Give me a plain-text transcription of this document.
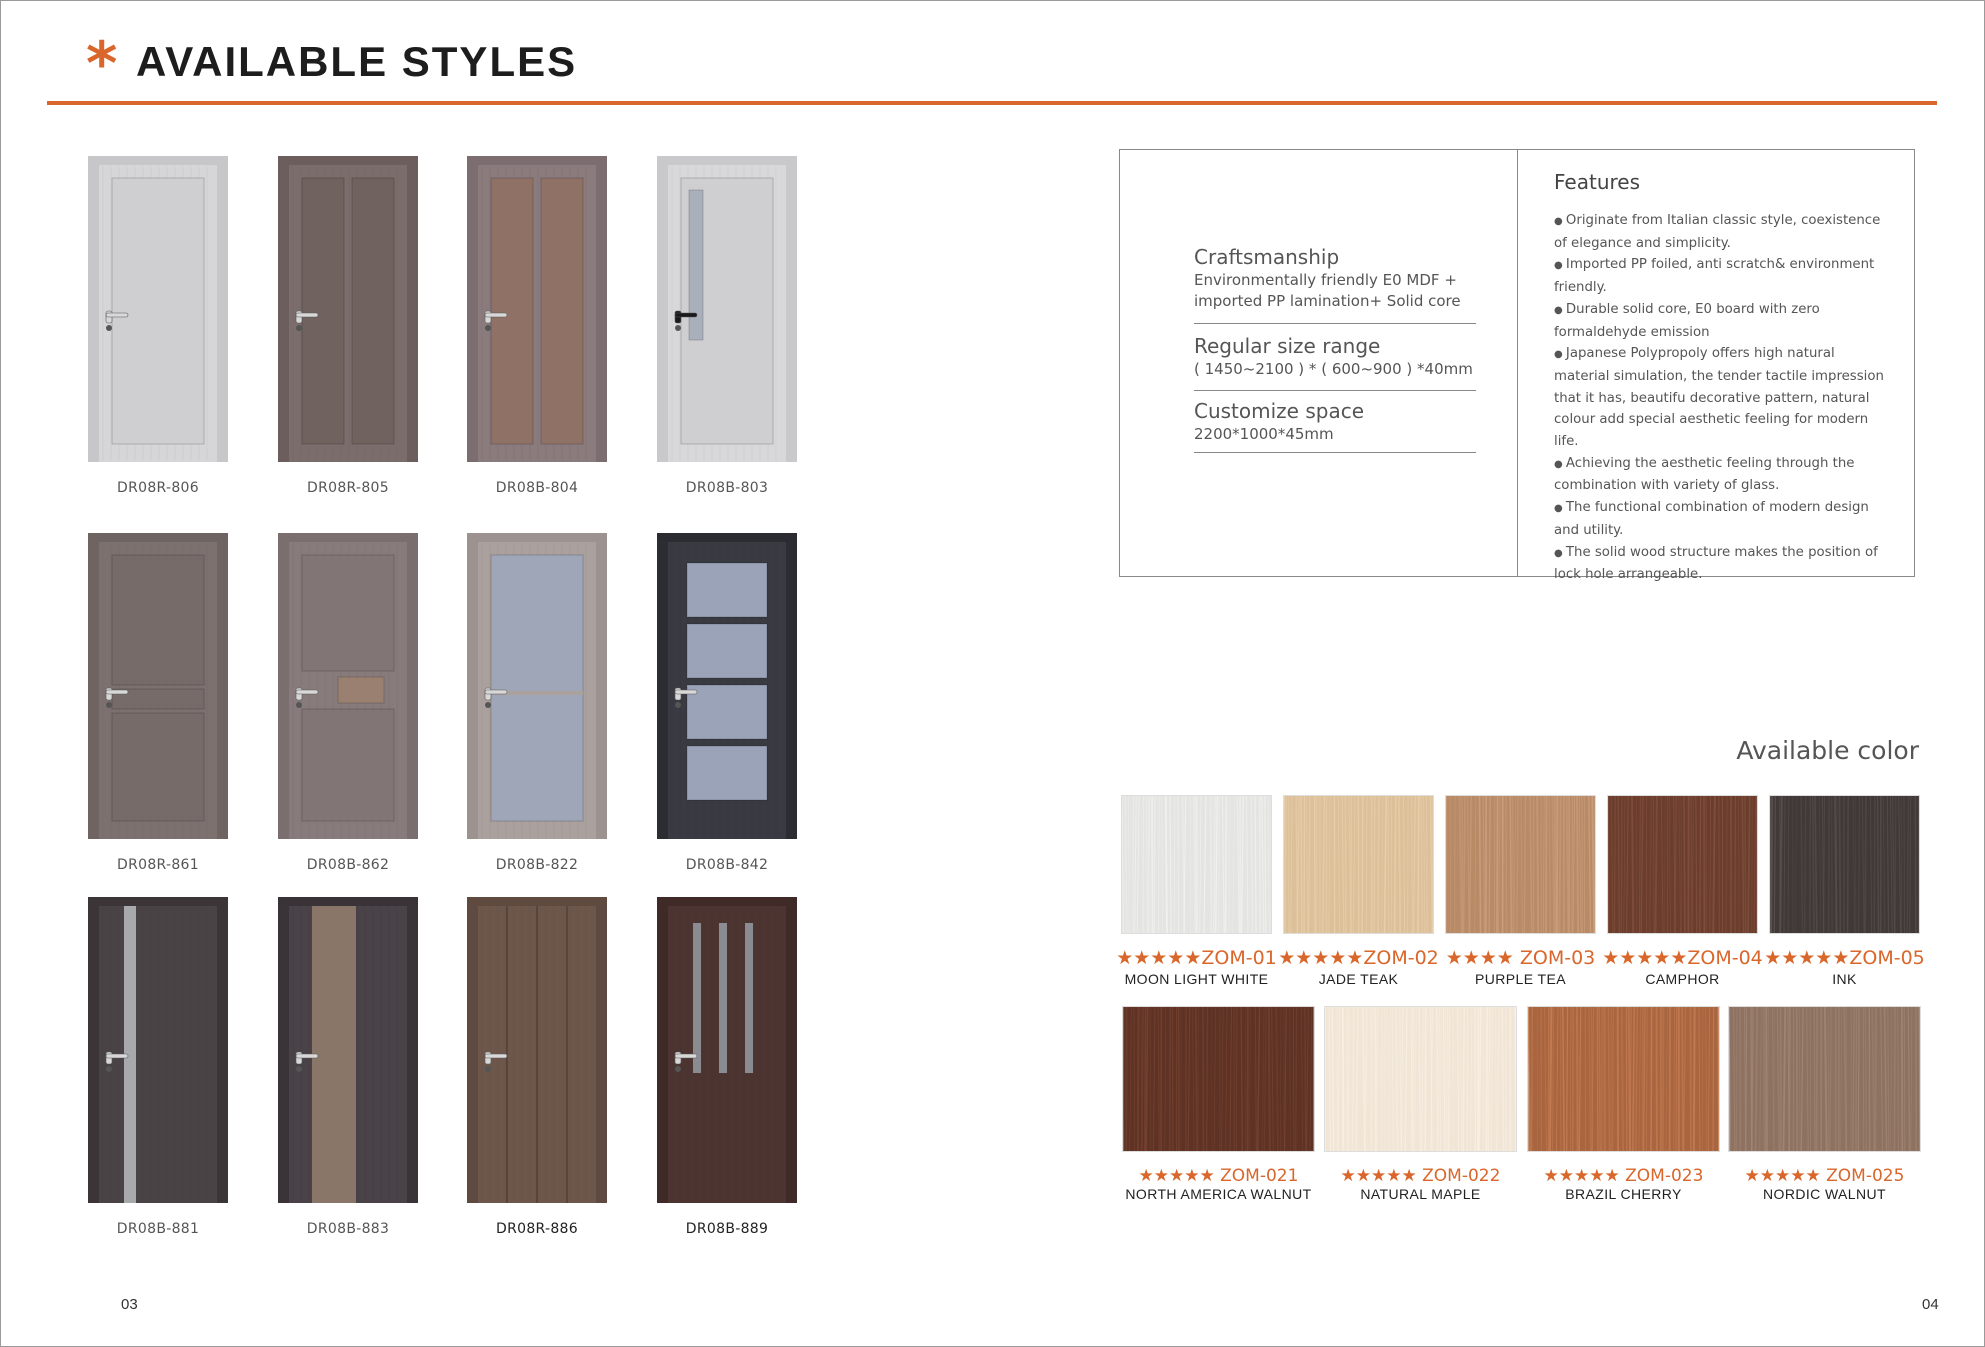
* AVAILABLE STYLES
DR08R-806	DR08R-805	DR08B-804	DR08B-803
DR08R-861	DR08B-862	DR08B-822	DR08B-842
DR08B-881	DR08B-883	DR08R-886	DR08B-889
Craftsmanship
Environmentally friendly E0 MDF + imported PP lamination+ Solid core
Regular size range
( 1450~2100 ) * ( 600~900 ) *40mm
Customize space
2200*1000*45mm
Features
● Originate from Italian classic style, coexistence of elegance and simplicity.
● Imported PP foiled, anti scratch& environment friendly.
● Durable solid core, E0 board with zero formaldehyde emission
● Japanese Polypropoly offers high natural material simulation, the tender tactile impression that it has, beautifu decorative pattern, natural colour add special aesthetic feeling for modern life.
● Achieving the aesthetic feeling through the combination with variety of glass.
● The functional combination of modern design and utility.
● The solid wood structure makes the position of lock hole arrangeable.
Available color
★★★★★ZOM-01
MOON LIGHT WHITE
★★★★★ZOM-02
JADE TEAK
★★★★ ZOM-03
PURPLE TEA
★★★★★ZOM-04
CAMPHOR
★★★★★ZOM-05
INK
★★★★★ ZOM-021
NORTH AMERICA WALNUT
★★★★★ ZOM-022
NATURAL MAPLE
★★★★★ ZOM-023
BRAZIL CHERRY
★★★★★ ZOM-025
NORDIC WALNUT
03	04
